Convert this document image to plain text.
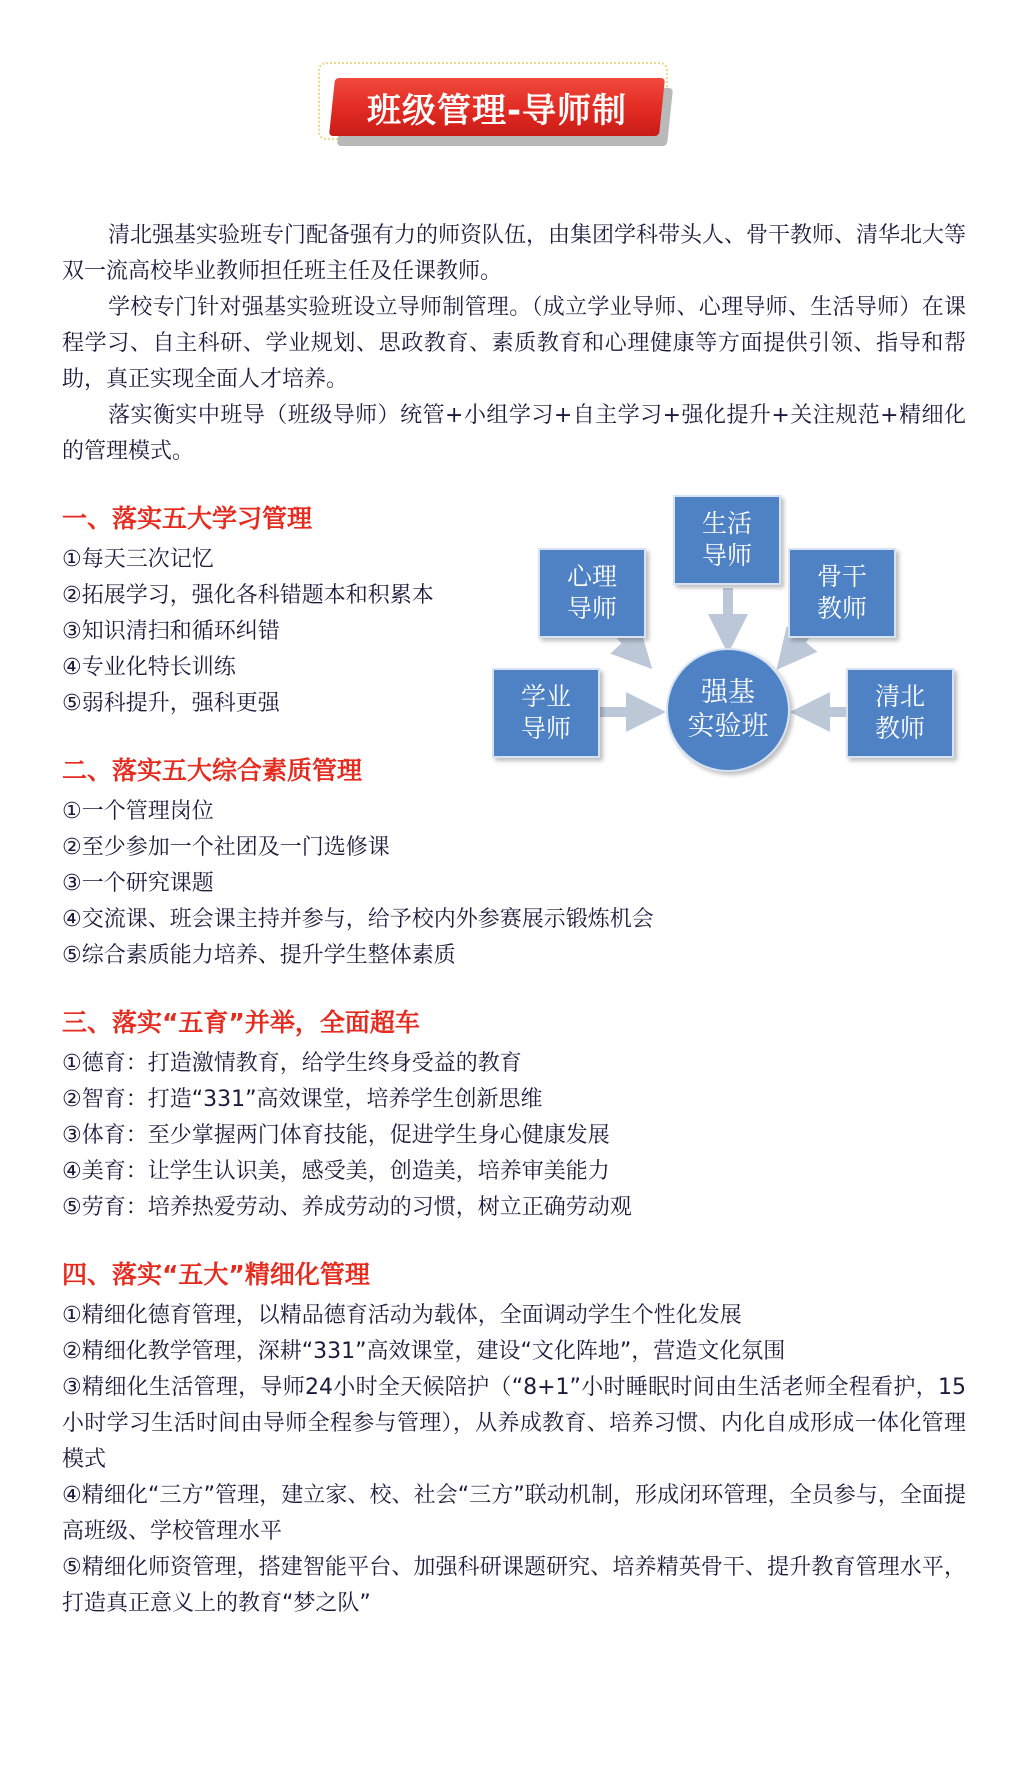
班级管理-导师制

清北强基实验班专门配备强有力的师资队伍，由集团学科带头人、骨干教师、清华北大等双一流高校毕业教师担任班主任及任课教师。

学校专门针对强基实验班设立导师制管理。（成立学业导师、心理导师、生活导师）在课程学习、自主科研、学业规划、思政教育、素质教育和心理健康等方面提供引领、指导和帮助，真正实现全面人才培养。

落实衡实中班导（班级导师）统管+小组学习+自主学习+强化提升+关注规范+精细化的管理模式。

一、落实五大学习管理
①每天三次记忆
②拓展学习，强化各科错题本和积累本
③知识清扫和循环纠错
④专业化特长训练
⑤弱科提升，强科更强
生活
导师
心理
导师
骨干
教师
学业
导师
清北
教师
强基
实验班
二、落实五大综合素质管理
①一个管理岗位
②至少参加一个社团及一门选修课
③一个研究课题
④交流课、班会课主持并参与，给予校内外参赛展示锻炼机会
⑤综合素质能力培养、提升学生整体素质
三、落实“五育”并举，全面超车
①德育：打造激情教育，给学生终身受益的教育
②智育：打造“331”高效课堂，培养学生创新思维
③体育：至少掌握两门体育技能，促进学生身心健康发展
④美育：让学生认识美，感受美，创造美，培养审美能力
⑤劳育：培养热爱劳动、养成劳动的习惯，树立正确劳动观
四、落实“五大”精细化管理
①精细化德育管理，以精品德育活动为载体，全面调动学生个性化发展
②精细化教学管理，深耕“331”高效课堂，建设“文化阵地”，营造文化氛围
③精细化生活管理，导师24小时全天候陪护（“8+1”小时睡眠时间由生活老师全程看护，15小时学习生活时间由导师全程参与管理），从养成教育、培养习惯、内化自成形成一体化管理模式
④精细化“三方”管理，建立家、校、社会“三方”联动机制，形成闭环管理，全员参与，全面提高班级、学校管理水平
⑤精细化师资管理，搭建智能平台、加强科研课题研究、培养精英骨干、提升教育管理水平，打造真正意义上的教育“梦之队”
